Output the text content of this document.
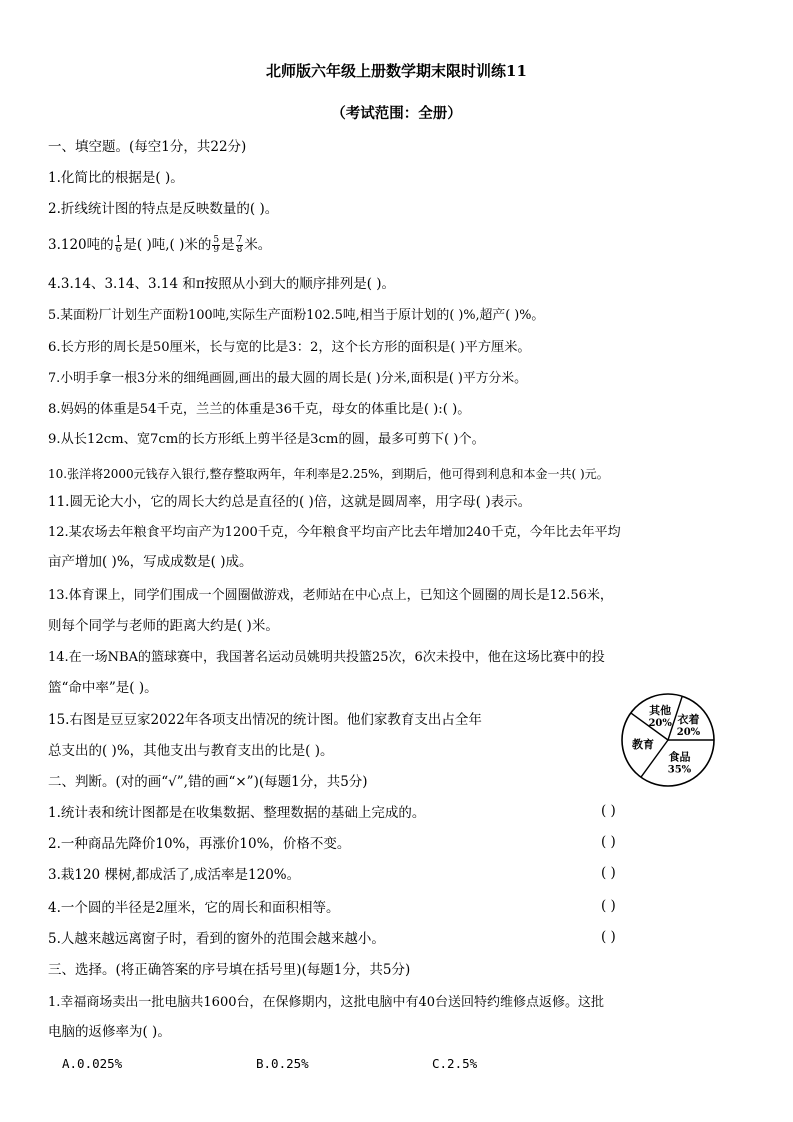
北师版六年级上册数学期末限时训练11
（考试范围：全册）
一、填空题。(每空1分，共22分)
1.化简比的根据是( )。
2.折线统计图的特点是反映数量的( )。
3.120吨的 $\frac{1}{6}$ 是( )吨,( )米的 $\frac{5}{9}$ 是 $\frac{7}{8}$ 米。
4.3.14、3.14、3.14 和π按照从小到大的顺序排列是( )。
5.某面粉厂计划生产面粉100吨,实际生产面粉102.5吨,相当于原计划的( )%,超产( )%。
6.长方形的周长是50厘米，长与宽的比是3：2，这个长方形的面积是( )平方厘米。
7.小明手拿一根3分米的细绳画圆,画出的最大圆的周长是( )分米,面积是( )平方分米。
8.妈妈的体重是54千克，兰兰的体重是36千克，母女的体重比是( ):( )。
9.从长12cm、宽7cm的长方形纸上剪半径是3cm的圆，最多可剪下( )个。
10.张洋将2000元钱存入银行,整存整取两年，年利率是2.25%，到期后，他可得到利息和本金一共( )元。
11.圆无论大小，它的周长大约总是直径的( )倍，这就是圆周率，用字母( )表示。
12.某农场去年粮食平均亩产为1200千克，今年粮食平均亩产比去年增加240千克，今年比去年平均
亩产增加( )%，写成成数是( )成。
13.体育课上，同学们围成一个圆圈做游戏，老师站在中心点上，已知这个圆圈的周长是12.56米，
则每个同学与老师的距离大约是( )米。
14.在一场NBA的篮球赛中，我国著名运动员姚明共投篮25次，6次未投中，他在这场比赛中的投
篮“命中率”是( )。
15.右图是豆豆家2022年各项支出情况的统计图。他们家教育支出占全年
总支出的( )%，其他支出与教育支出的比是( )。
衣着
20%
食品
35%
教育
其他
20%
二、判断。(对的画“√”,错的画“×”)(每题1分，共5分)
1.统计表和统计图都是在收集数据、整理数据的基础上完成的。	( )
2.一种商品先降价10%，再涨价10%，价格不变。	( )
3.栽120 棵树,都成活了,成活率是120%。	( )
4.一个圆的半径是2厘米，它的周长和面积相等。	( )
5.人越来越远离窗子时，看到的窗外的范围会越来越小。	( )
三、选择。(将正确答案的序号填在括号里)(每题1分，共5分)
1.幸福商场卖出一批电脑共1600台，在保修期内，这批电脑中有40台送回特约维修点返修。这批
电脑的返修率为( )。
A.0.025%	B.0.25%	C.2.5%
